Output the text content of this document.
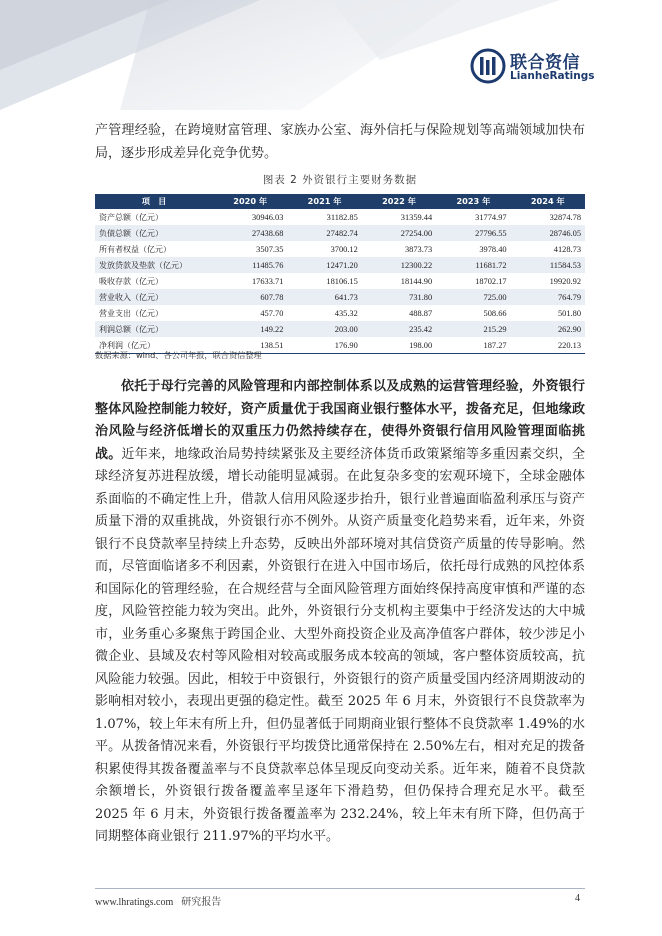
联合资信
LianheRatings

产管理经验，在跨境财富管理、家族办公室、海外信托与保险规划等高端领域加快布局，逐步形成差异化竞争优势。

图表 2 外资银行主要财务数据
项　目	2020 年	2021 年	2022 年	2023 年	2024 年
资产总额（亿元）	30946.03	31182.85	31359.44	31774.97	32874.78
负债总额（亿元）	27438.68	27482.74	27254.00	27796.55	28746.05
所有者权益（亿元）	3507.35	3700.12	3873.73	3978.40	4128.73
发放贷款及垫款（亿元）	11485.76	12471.20	12300.22	11681.72	11584.53
吸收存款（亿元）	17633.71	18106.15	18144.90	18702.17	19920.92
营业收入（亿元）	607.78	641.73	731.80	725.00	764.79
营业支出（亿元）	457.70	435.32	488.87	508.66	501.80
利润总额（亿元）	149.22	203.00	235.42	215.29	262.90
净利润（亿元）	138.51	176.90	198.00	187.27	220.13
数据来源：wind、各公司年报，联合资信整理

依托于母行完善的风险管理和内部控制体系以及成熟的运营管理经验，外资银行整体风险控制能力较好，资产质量优于我国商业银行整体水平，拨备充足，但地缘政治风险与经济低增长的双重压力仍然持续存在，使得外资银行信用风险管理面临挑战。近年来，地缘政治局势持续紧张及主要经济体货币政策紧缩等多重因素交织，全球经济复苏进程放缓，增长动能明显减弱。在此复杂多变的宏观环境下，全球金融体系面临的不确定性上升，借款人信用风险逐步抬升，银行业普遍面临盈利承压与资产质量下滑的双重挑战，外资银行亦不例外。从资产质量变化趋势来看，近年来，外资银行不良贷款率呈持续上升态势，反映出外部环境对其信贷资产质量的传导影响。然而，尽管面临诸多不利因素，外资银行在进入中国市场后，依托母行成熟的风控体系和国际化的管理经验，在合规经营与全面风险管理方面始终保持高度审慎和严谨的态度，风险管控能力较为突出。此外，外资银行分支机构主要集中于经济发达的大中城市，业务重心多聚焦于跨国企业、大型外商投资企业及高净值客户群体，较少涉足小微企业、县域及农村等风险相对较高或服务成本较高的领域，客户整体资质较高，抗风险能力较强。因此，相较于中资银行，外资银行的资产质量受国内经济周期波动的影响相对较小，表现出更强的稳定性。截至 2025 年 6 月末，外资银行不良贷款率为 1.07%，较上年末有所上升，但仍显著低于同期商业银行整体不良贷款率 1.49%的水平。从拨备情况来看，外资银行平均拨贷比通常保持在 2.50%左右，相对充足的拨备积累使得其拨备覆盖率与不良贷款率总体呈现反向变动关系。近年来，随着不良贷款余额增长，外资银行拨备覆盖率呈逐年下滑趋势，但仍保持合理充足水平。截至 2025 年 6 月末，外资银行拨备覆盖率为 232.24%，较上年末有所下降，但仍高于同期整体商业银行 211.97%的平均水平。

www.lhratings.com 研究报告	4
